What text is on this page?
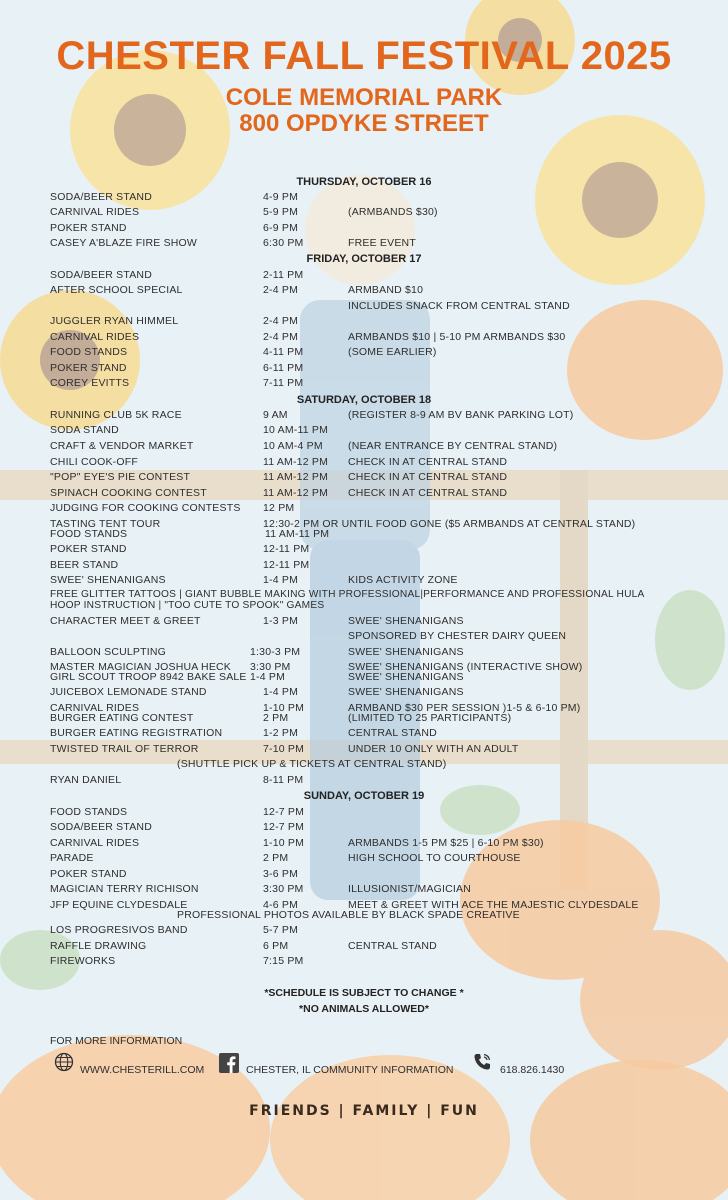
CHESTER FALL FESTIVAL 2025
COLE MEMORIAL PARK
800 OPDYKE STREET
THURSDAY, OCTOBER 16
SODA/BEER STAND	4-9 PM
CARNIVAL RIDES	5-9 PM	(ARMBANDS $30)
POKER STAND	6-9 PM
CASEY A'BLAZE FIRE SHOW	6:30 PM	FREE EVENT
FRIDAY, OCTOBER 17
SODA/BEER STAND	2-11 PM
AFTER SCHOOL SPECIAL	2-4 PM	ARMBAND $10
INCLUDES SNACK FROM CENTRAL STAND
JUGGLER RYAN HIMMEL	2-4 PM
CARNIVAL RIDES	2-4 PM	ARMBANDS $10 | 5-10 PM ARMBANDS $30
FOOD STANDS	4-11 PM	(SOME EARLIER)
POKER STAND	6-11 PM
COREY EVITTS	7-11 PM
SATURDAY, OCTOBER 18
RUNNING CLUB 5K RACE	9 AM	(REGISTER 8-9 AM BV BANK PARKING LOT)
SODA STAND	10 AM-11 PM
CRAFT & VENDOR MARKET	10 AM-4 PM (NEAR ENTRANCE BY CENTRAL STAND)
CHILI COOK-OFF	11 AM-12 PM CHECK IN AT CENTRAL STAND
"POP" EYE'S PIE CONTEST	11 AM-12 PM CHECK IN AT CENTRAL STAND
SPINACH COOKING CONTEST	11 AM-12 PM CHECK IN AT CENTRAL STAND
JUDGING FOR COOKING CONTESTS 12 PM
TASTING TENT TOUR	12:30-2 PM OR UNTIL FOOD GONE ($5 ARMBANDS AT CENTRAL STAND)
FOOD STANDS	11 AM-11 PM
POKER STAND	12-11 PM
BEER STAND	12-11 PM
SWEE' SHENANIGANS	1-4 PM	KIDS ACTIVITY ZONE
FREE GLITTER TATTOOS | GIANT BUBBLE MAKING WITH PROFESSIONAL|PERFORMANCE AND PROFESSIONAL HULA
HOOP INSTRUCTION | "TOO CUTE TO SPOOK" GAMES
CHARACTER MEET & GREET	1-3 PM	SWEE' SHENANIGANS
SPONSORED BY CHESTER DAIRY QUEEN
BALLOON SCULPTING	1:30-3 PM	SWEE' SHENANIGANS
MASTER MAGICIAN JOSHUA HECK 3:30 PM	SWEE' SHENANIGANS (INTERACTIVE SHOW)
GIRL SCOUT TROOP 8942 BAKE SALE 1-4 PM	SWEE' SHENANIGANS
JUICEBOX LEMONADE STAND	1-4 PM	SWEE' SHENANIGANS
CARNIVAL RIDES	1-10 PM	ARMBAND $30 PER SESSION )1-5 & 6-10 PM)
BURGER EATING CONTEST	2 PM	(LIMITED TO 25 PARTICIPANTS)
BURGER EATING REGISTRATION	1-2 PM	CENTRAL STAND
TWISTED TRAIL OF TERROR	7-10 PM	UNDER 10 ONLY WITH AN ADULT
(SHUTTLE PICK UP & TICKETS AT CENTRAL STAND)
RYAN DANIEL	8-11 PM
SUNDAY, OCTOBER 19
FOOD STANDS	12-7 PM
SODA/BEER STAND	12-7 PM
CARNIVAL RIDES	1-10 PM	ARMBANDS 1-5 PM $25 | 6-10 PM $30)
PARADE	2 PM	HIGH SCHOOL TO COURTHOUSE
POKER STAND	3-6 PM
MAGICIAN TERRY RICHISON	3:30 PM	ILLUSIONIST/MAGICIAN
JFP EQUINE CLYDESDALE	4-6 PM	MEET & GREET WITH ACE THE MAJESTIC CLYDESDALE
PROFESSIONAL PHOTOS AVAILABLE BY BLACK SPADE CREATIVE
LOS PROGRESIVOS BAND	5-7 PM
RAFFLE DRAWING	6 PM	CENTRAL STAND
FIREWORKS	7:15 PM
*SCHEDULE IS SUBJECT TO CHANGE *
*NO ANIMALS ALLOWED*
FOR MORE INFORMATION
WWW.CHESTERILL.COM	CHESTER, IL COMMUNITY INFORMATION	618.826.1430
FRIENDS | FAMILY | FUN
